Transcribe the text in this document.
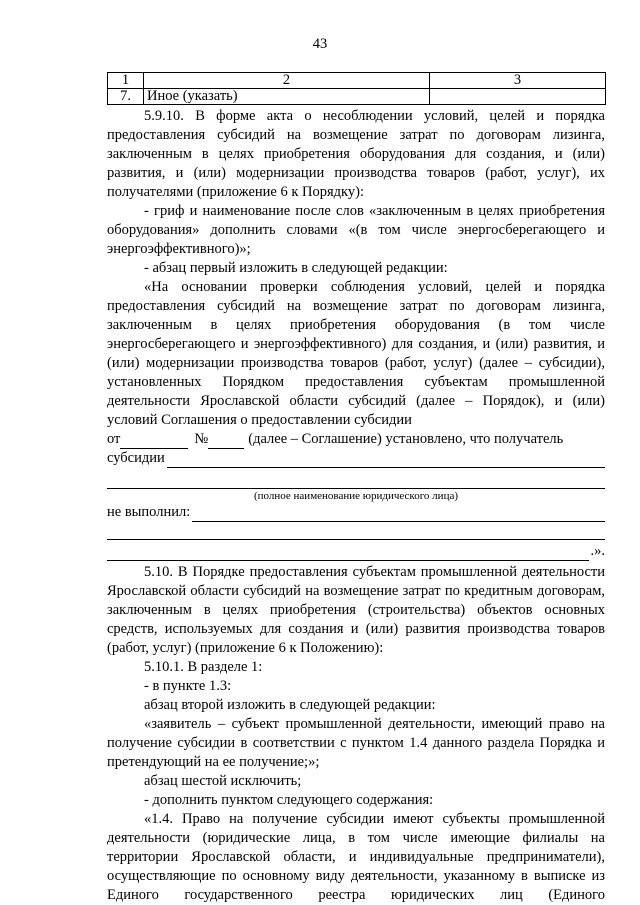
43
1	2	3
7.	Иное (указать)	

5.9.10. В форме акта о несоблюдении условий, целей и порядка предоставления субсидий на возмещение затрат по договорам лизинга, заключенным в целях приобретения оборудования для создания, и (или) развития, и (или) модернизации производства товаров (работ, услуг), их получателями (приложение 6 к Порядку):

- гриф и наименование после слов «заключенным в целях приобретения оборудования» дополнить словами «(в том числе энергосберегающего и энергоэффективного)»;

- абзац первый изложить в следующей редакции:

«На основании проверки соблюдения условий, целей и порядка предоставления субсидий на возмещение затрат по договорам лизинга, заключенным в целях приобретения оборудования (в том числе энергосберегающего и энергоэффективного) для создания, и (или) развития, и (или) модернизации производства товаров (работ, услуг) (далее – субсидии), установленных Порядком предоставления субъектам промышленной деятельности Ярославской области субсидий (далее – Порядок), и (или) условий Соглашения о предоставлении субсидии

от	№	(далее – Соглашение) установлено, что получатель
субсидии
(полное наименование юридического лица)
не выполнил:
.».

5.10. В Порядке предоставления субъектам промышленной деятельности Ярославской области субсидий на возмещение затрат по кредитным договорам, заключенным в целях приобретения (строительства) объектов основных средств, используемых для создания и (или) развития производства товаров (работ, услуг) (приложение 6 к Положению):

5.10.1. В разделе 1:

- в пункте 1.3:

абзац второй изложить в следующей редакции:

«заявитель – субъект промышленной деятельности, имеющий право на получение субсидии в соответствии с пунктом 1.4 данного раздела Порядка и претендующий на ее получение;»;

абзац шестой исключить;

- дополнить пунктом следующего содержания:

«1.4. Право на получение субсидии имеют субъекты промышленной деятельности (юридические лица, в том числе имеющие филиалы на территории Ярославской области, и индивидуальные предприниматели), осуществляющие по основному виду деятельности, указанному в выписке из Единого государственного реестра юридических лиц (Единого
